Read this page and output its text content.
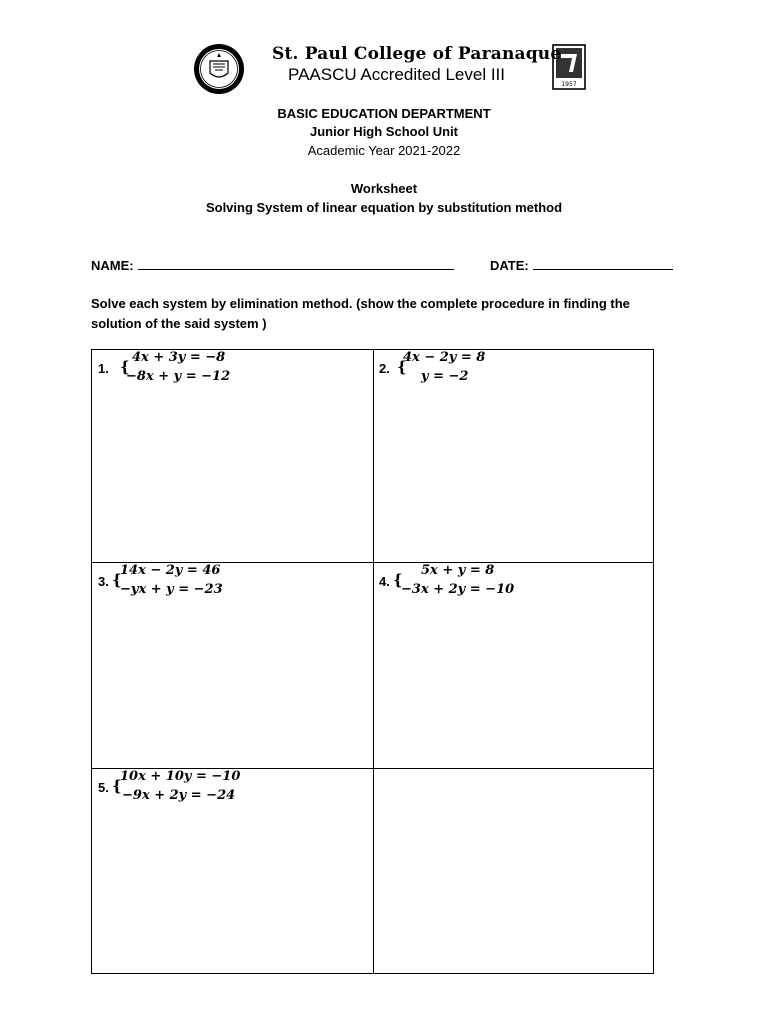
1957
St. Paul College of Paranaque
PAASCU Accredited Level III
BASIC EDUCATION DEPARTMENT
Junior High School Unit
Academic Year 2021-2022
Worksheet
Solving System of linear equation by substitution method
NAME:	DATE:
Solve each system by elimination method. (show the complete procedure in finding the solution of the said system )
1. {
4x + 3y = −8
−8x + y = −12
2. {
4x − 2y = 8
y = −2
3. {
14x − 2y = 46
−yx + y = −23
4. {
5x + y = 8
−3x + 2y = −10
5. {
10x + 10y = −10
−9x + 2y = −24
